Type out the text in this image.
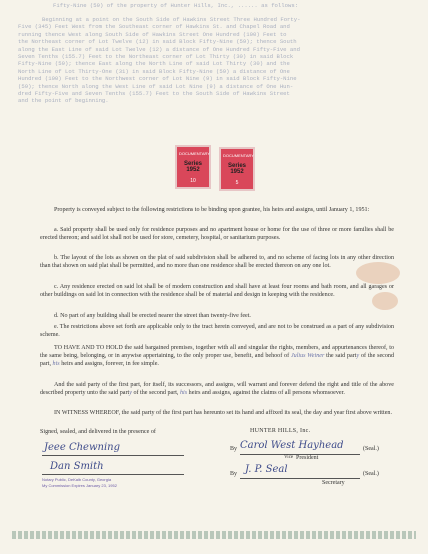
Fifty-Nine (59) of the property of Hunter Hills, Inc., ...... as follows:
Beginning at a point on the South Side of Hawkins Street Three Hundred Forty-
Five (345) Feet West from the Southeast corner of Hawkins St. and Chapel Road and
running thence West along South Side of Hawkins Street One Hundred (100) Feet to
the Northeast corner of Lot Twelve (12) in said Block Fifty-Nine (59); thence South
along the East Line of said Lot Twelve (12) a distance of One Hundred Fifty-Five and
Seven Tenths (155.7) Feet to the Northeast corner of Lot Thirty (30) in said Block
Fifty-Nine (59); thence East along the North Line of said Lot Thirty (30) and the
North Line of Lot Thirty-One (31) in said Block Fifty-Nine (59) a distance of One
Hundred (100) Feet to the Northwest corner of Lot Nine (9) in said Block Fifty-Nine
(59); thence North along the West Line of said Lot Nine (9) a distance of One Hun-
dred Fifty-Five and Seven Tenths (155.7) Feet to the South Side of Hawkins Street
and the point of beginning.
DOCUMENTARY
Series 1952
10
DOCUMENTARY
Series 1952
5
Property is conveyed subject to the following restrictions to be binding upon grantee, his heirs and assigns, until January 1, 1951:
a. Said property shall be used only for residence purposes and no apartment house or home for the use of three or more families shall be erected thereon; and said lot shall not be used for store, cemetery, hospital, or sanitarium purposes.
b. The layout of the lots as shown on the plat of said subdivision shall be adhered to, and no scheme of facing lots in any other direction than that shown on said plat shall be permitted, and no more than one residence shall be erected thereon on any one lot.
c. Any residence erected on said lot shall be of modern construction and shall have at least four rooms and bath room, and all garages or other buildings on said lot in connection with the residence shall be of material and design in keeping with the residence.
d. No part of any building shall be erected nearer the street than twenty-five feet.
e. The restrictions above set forth are applicable only to the tract herein conveyed, and are not to be construed as a part of any subdivision scheme.
TO HAVE AND TO HOLD the said bargained premises, together with all and singular the rights, members, and appurtenances thereof, to the same being, belonging, or in anywise appertaining, to the only proper use, benefit, and behoof of Julius Weiner the said party of the second part, his heirs and assigns, forever, in fee simple.
And the said party of the first part, for itself, its successors, and assigns, will warrant and forever defend the right and title of the above described property unto the said party of the second part, his heirs and assigns, against the claims of all persons whomsoever.
IN WITNESS WHEREOF, the said party of the first part has hereunto set its hand and affixed its seal, the day and year first above written.
Signed, sealed, and delivered in the presence of	HUNTER HILLS, Inc.
Jeee Chewning	By Carol West Hayhead	(Seal.)
Vice President
Dan Smith
Notary Public, DeKalb County, Georgia
My Commission Expires January 23, 1952
By J. P. Seal	(Seal.)
Secretary
